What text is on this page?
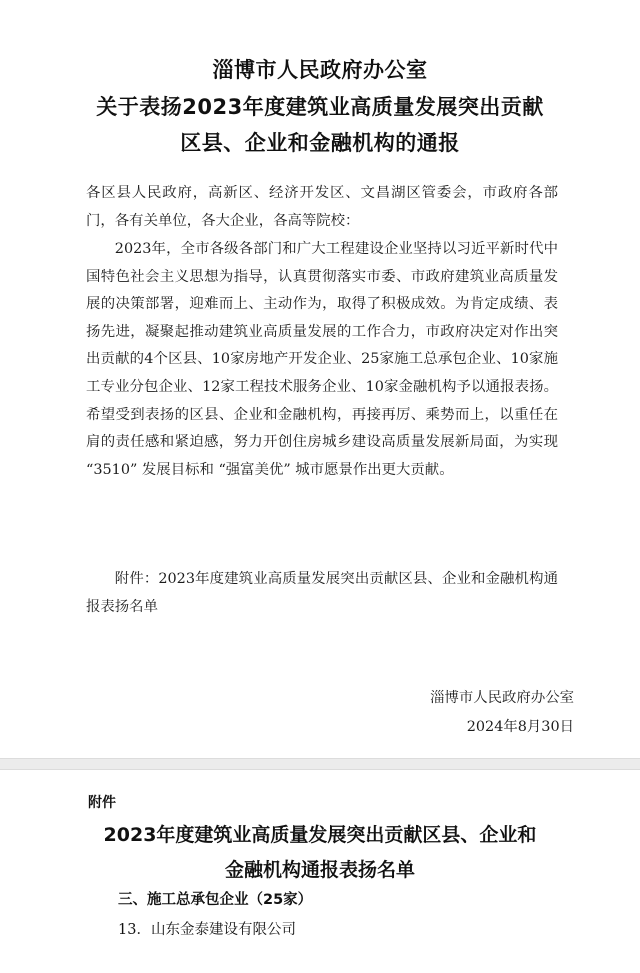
淄博市人民政府办公室
关于表扬2023年度建筑业高质量发展突出贡献
区县、企业和金融机构的通报

各区县人民政府，高新区、经济开发区、文昌湖区管委会，市政府各部门，各有关单位，各大企业，各高等院校：

2023年，全市各级各部门和广大工程建设企业坚持以习近平新时代中国特色社会主义思想为指导，认真贯彻落实市委、市政府建筑业高质量发展的决策部署，迎难而上、主动作为，取得了积极成效。为肯定成绩、表扬先进，凝聚起推动建筑业高质量发展的工作合力，市政府决定对作出突出贡献的4个区县、10家房地产开发企业、25家施工总承包企业、10家施工专业分包企业、12家工程技术服务企业、10家金融机构予以通报表扬。希望受到表扬的区县、企业和金融机构，再接再厉、乘势而上，以重任在肩的责任感和紧迫感，努力开创住房城乡建设高质量发展新局面，为实现 “3510” 发展目标和 “强富美优” 城市愿景作出更大贡献。

附件：2023年度建筑业高质量发展突出贡献区县、企业和金融机构通报表扬名单

淄博市人民政府办公室
2024年8月30日
附件
2023年度建筑业高质量发展突出贡献区县、企业和
金融机构通报表扬名单
三、施工总承包企业（25家）
13．山东金泰建设有限公司
